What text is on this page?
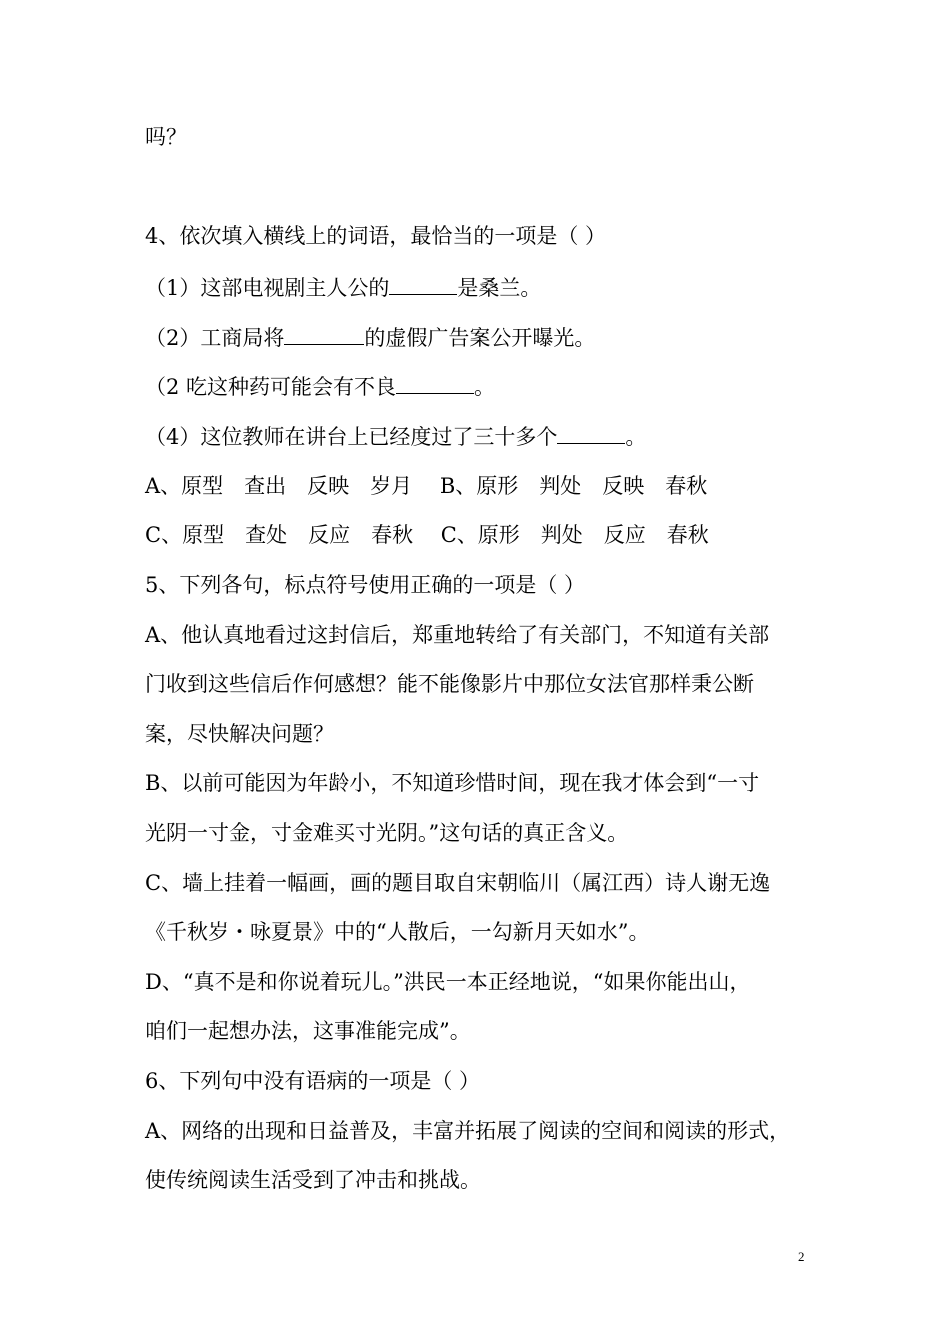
吗？
4、依次填入横线上的词语，最恰当的一项是（ ）
（1）这部电视剧主人公的	是桑兰。
（2）工商局将	的虚假广告案公开曝光。
（2 吃这种药可能会有不良	。
（4）这位教师在讲台上已经度过了三十多个	。
A、原型　查出　反映　岁月　 B、原形　判处　反映　春秋
C、原型　查处　反应　春秋　 C、原形　判处　反应　春秋
5、下列各句，标点符号使用正确的一项是（ ）
A、他认真地看过这封信后，郑重地转给了有关部门，不知道有关部
门收到这些信后作何感想？能不能像影片中那位女法官那样秉公断
案，尽快解决问题？
B、以前可能因为年龄小，不知道珍惜时间，现在我才体会到“一寸
光阴一寸金，寸金难买寸光阴。”这句话的真正含义。
C、墙上挂着一幅画，画的题目取自宋朝临川（属江西）诗人谢无逸
《千秋岁・咏夏景》中的“人散后，一勾新月天如水”。
D、“真不是和你说着玩儿。”洪民一本正经地说，“如果你能出山，
咱们一起想办法，这事准能完成”。
6、下列句中没有语病的一项是（ ）
A、网络的出现和日益普及，丰富并拓展了阅读的空间和阅读的形式，
使传统阅读生活受到了冲击和挑战。
2
